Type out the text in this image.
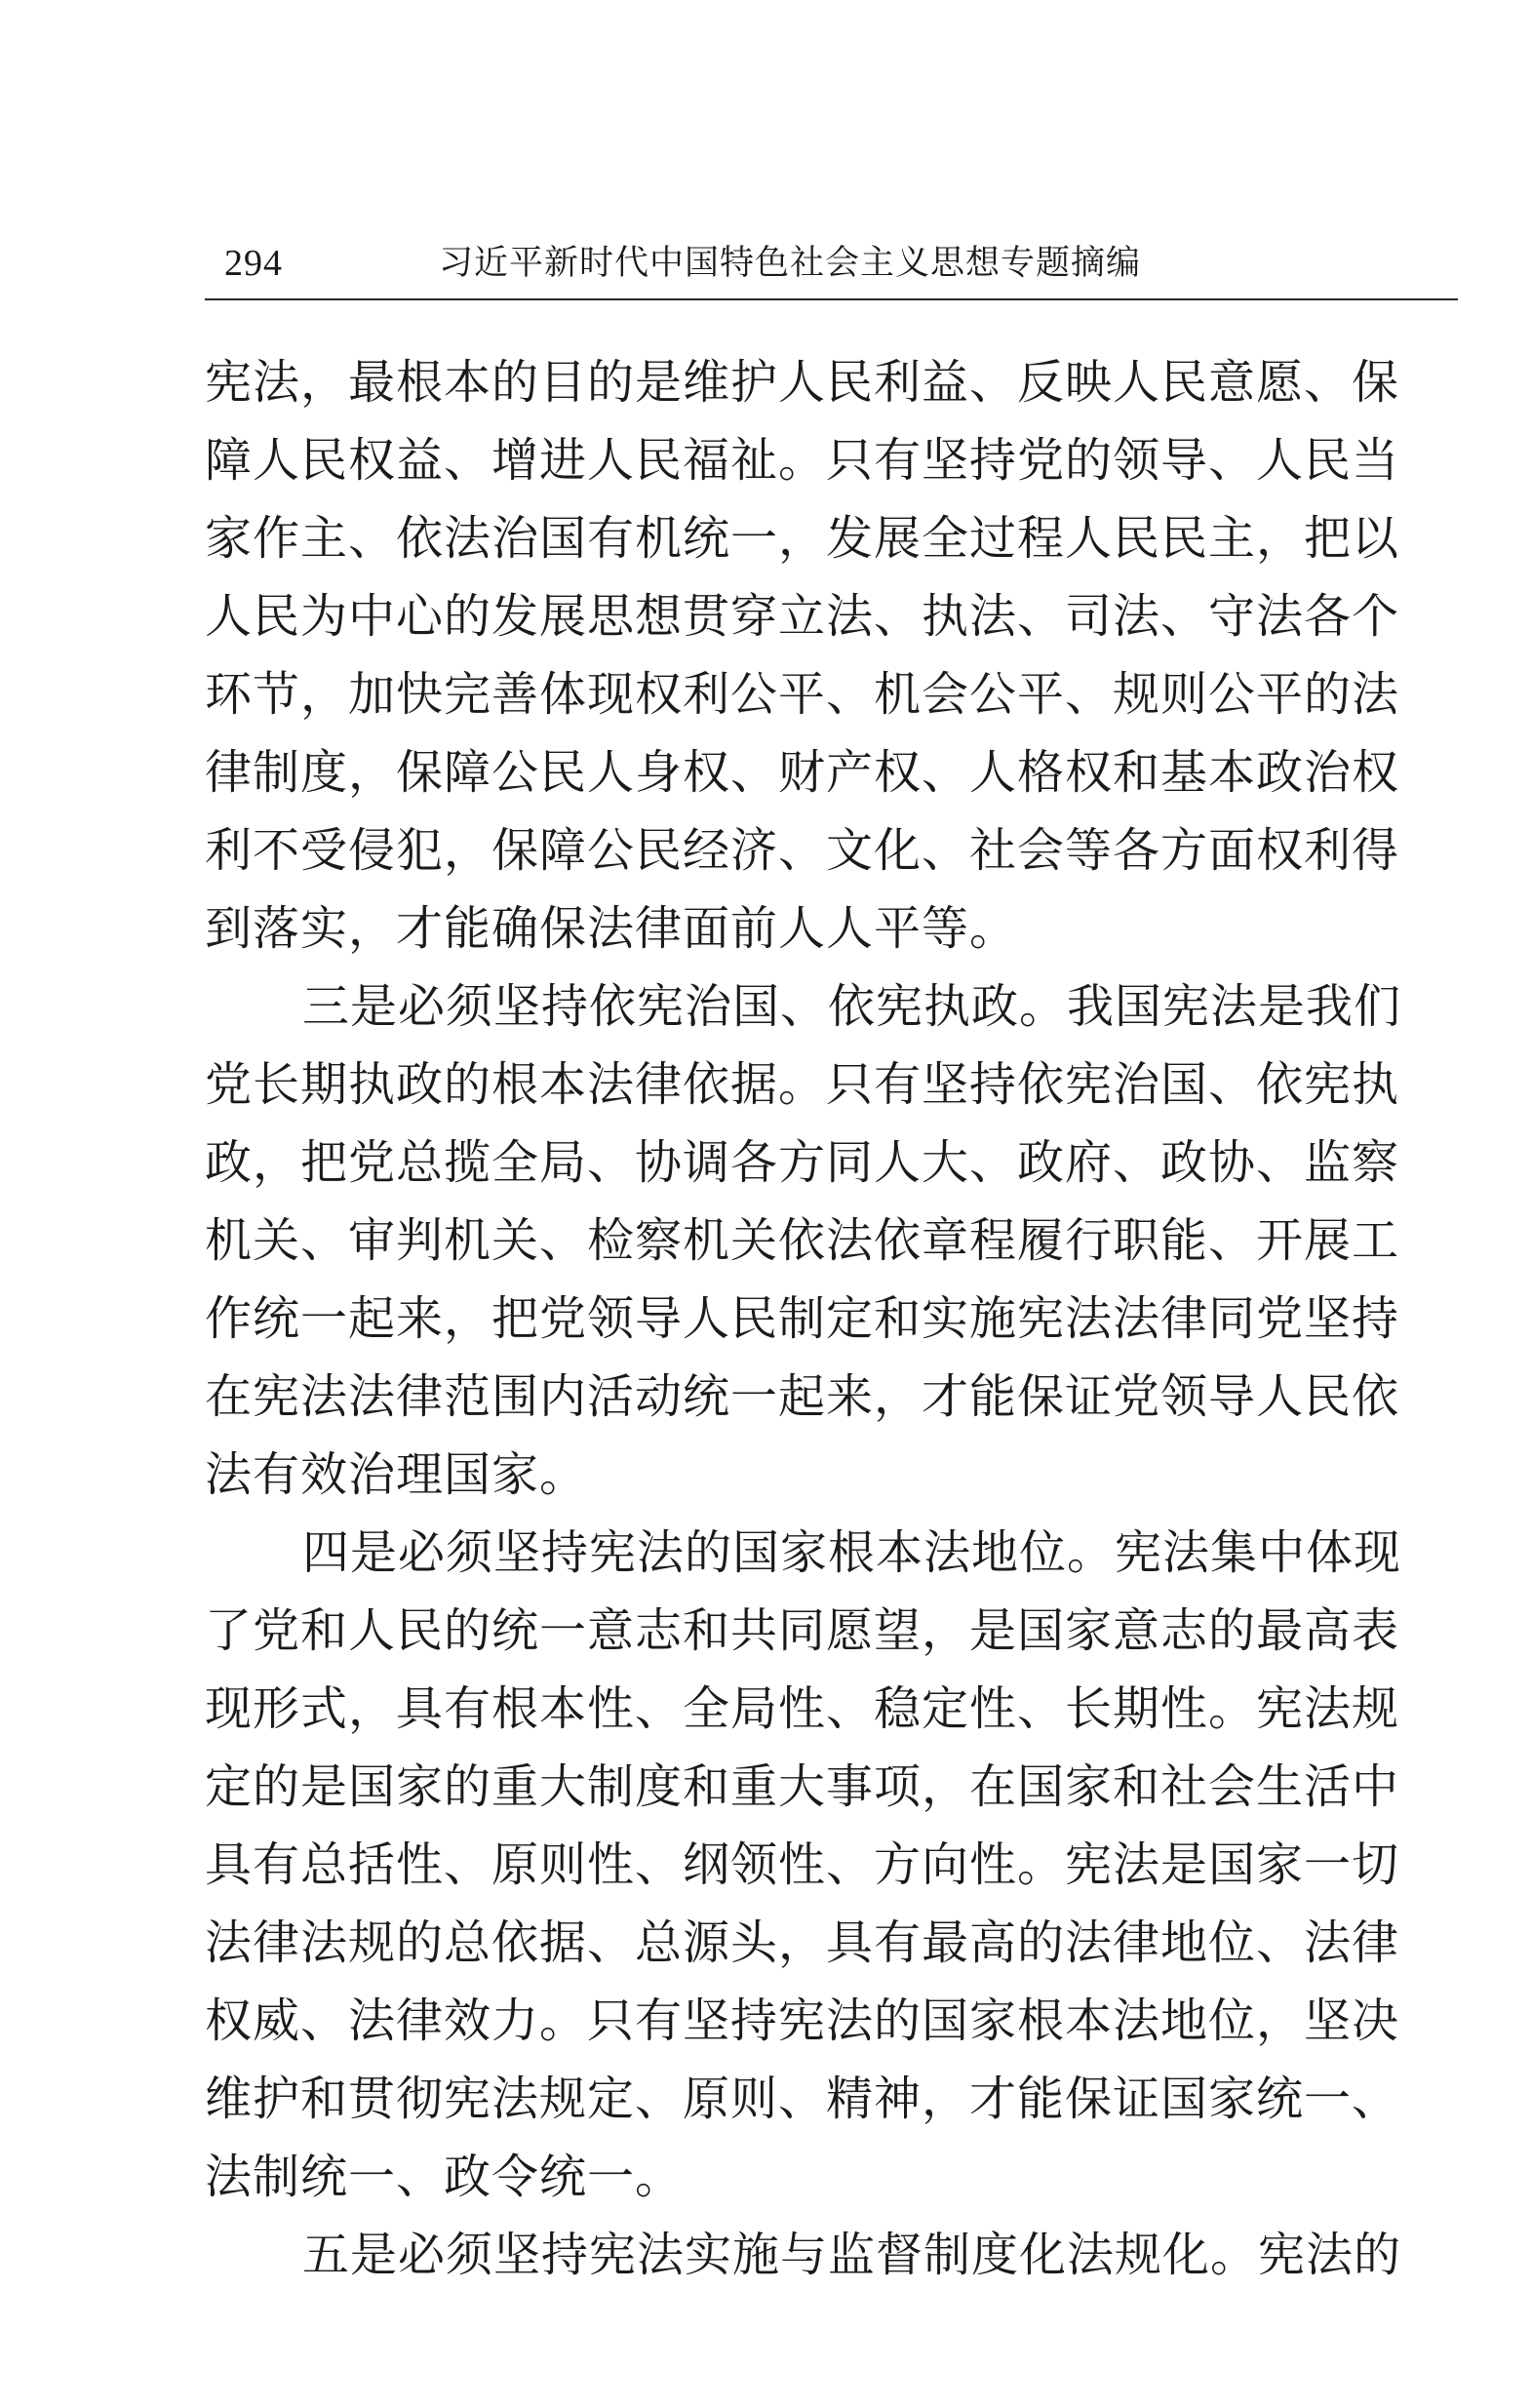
294	习近平新时代中国特色社会主义思想专题摘编
宪法，最根本的目的是维护人民利益、反映人民意愿、保
障人民权益、增进人民福祉。只有坚持党的领导、人民当
家作主、依法治国有机统一，发展全过程人民民主，把以
人民为中心的发展思想贯穿立法、执法、司法、守法各个
环节，加快完善体现权利公平、机会公平、规则公平的法
律制度，保障公民人身权、财产权、人格权和基本政治权
利不受侵犯，保障公民经济、文化、社会等各方面权利得
到落实，才能确保法律面前人人平等。
三是必须坚持依宪治国、依宪执政。我国宪法是我们
党长期执政的根本法律依据。只有坚持依宪治国、依宪执
政，把党总揽全局、协调各方同人大、政府、政协、监察
机关、审判机关、检察机关依法依章程履行职能、开展工
作统一起来，把党领导人民制定和实施宪法法律同党坚持
在宪法法律范围内活动统一起来，才能保证党领导人民依
法有效治理国家。
四是必须坚持宪法的国家根本法地位。宪法集中体现
了党和人民的统一意志和共同愿望，是国家意志的最高表
现形式，具有根本性、全局性、稳定性、长期性。宪法规
定的是国家的重大制度和重大事项，在国家和社会生活中
具有总括性、原则性、纲领性、方向性。宪法是国家一切
法律法规的总依据、总源头，具有最高的法律地位、法律
权威、法律效力。只有坚持宪法的国家根本法地位，坚决
维护和贯彻宪法规定、原则、精神，才能保证国家统一、
法制统一、政令统一。
五是必须坚持宪法实施与监督制度化法规化。宪法的
